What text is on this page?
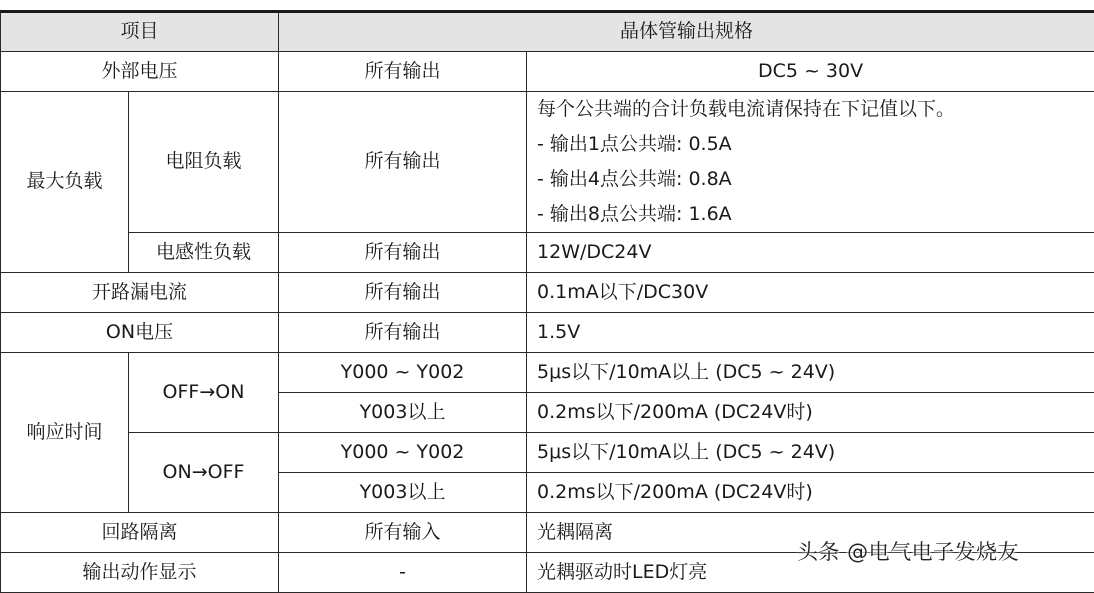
项目		晶体管输出规格	
外部电压		所有输出	DC5 ~ 30V
最大负载	电阻负载	所有输出	每个公共端的合计负载电流请保持在下记值以下。
- 输出1点公共端: 0.5A
- 输出4点公共端: 0.8A
- 输出8点公共端: 1.6A

	电感性负载	所有输出	12W/DC24V
开路漏电流		所有输出	0.1mA以下/DC30V
ON电压		所有输出	1.5V
响应时间	OFF→ON	Y000 ~ Y002	5μs以下/10mA以上 (DC5 ~ 24V)
		Y003以上	0.2ms以下/200mA (DC24V时)
	ON→OFF	Y000 ~ Y002	5μs以下/10mA以上 (DC5 ~ 24V)
		Y003以上	0.2ms以下/200mA (DC24V时)
回路隔离		所有输入	光耦隔离
输出动作显示		-	光耦驱动时LED灯亮
头条 @电气电子发烧友
